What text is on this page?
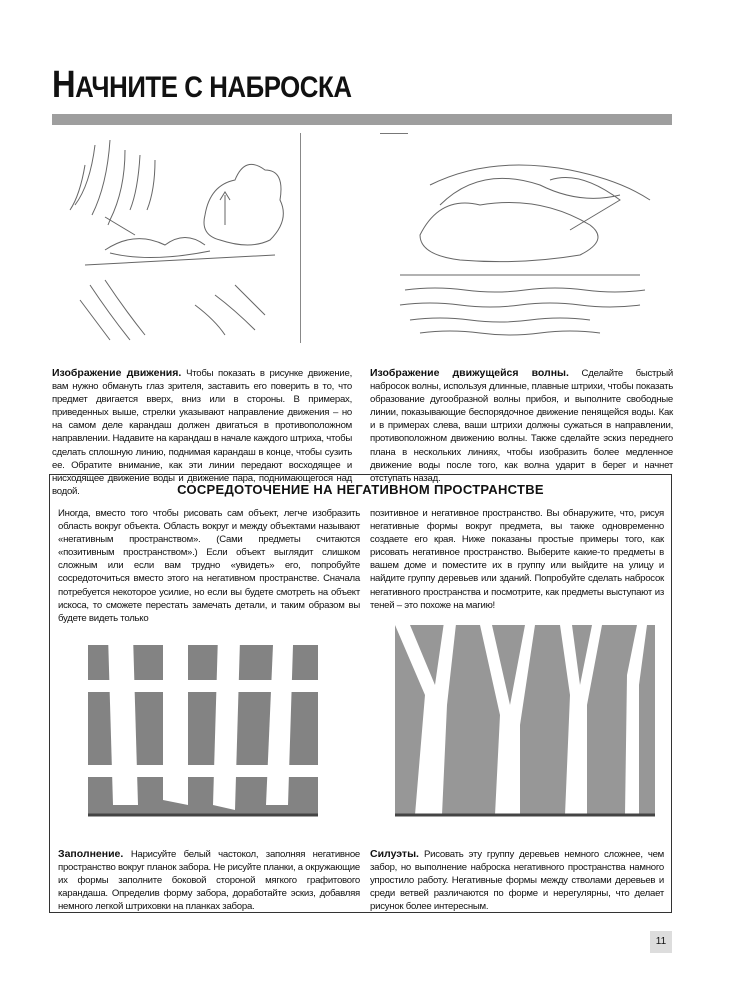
НАЧНИТЕ С НАБРОСКА
Изображение движения. Чтобы показать в рисунке движение, вам нужно обмануть глаз зрителя, заставить его поверить в то, что предмет двигается вверх, вниз или в стороны. В примерах, приведенных выше, стрелки указывают направление движения – но на самом деле карандаш должен двигаться в противоположном направлении. Надавите на карандаш в начале каждого штриха, чтобы сделать сплошную линию, поднимая карандаш в конце, чтобы сузить ее. Обратите внимание, как эти линии передают восходящее и нисходящее движение воды и движение пара, поднимающегося над водой.
Изображение движущейся волны. Сделайте быстрый набросок волны, используя длинные, плавные штрихи, чтобы показать образование дугообразной волны прибоя, и выполните свободные линии, показывающие беспорядочное движение пенящейся воды. Как и в примерах слева, ваши штрихи должны сужаться в направлении, противоположном движению волны. Также сделайте эскиз переднего плана в нескольких линиях, чтобы изобразить более медленное движение воды после того, как волна ударит в берег и начнет отступать назад.
СОСРЕДОТОЧЕНИЕ НА НЕГАТИВНОМ ПРОСТРАНСТВЕ
Иногда, вместо того чтобы рисовать сам объект, легче изобразить область вокруг объекта. Область вокруг и между объектами называют «негативным пространством». (Сами предметы считаются «позитивным пространством».) Если объект выглядит слишком сложным или если вам трудно «увидеть» его, попробуйте сосредоточиться вместо этого на негативном пространстве. Сначала потребуется некоторое усилие, но если вы будете смотреть на объект искоса, то сможете перестать замечать детали, и таким образом вы будете видеть только
позитивное и негативное пространство. Вы обнаружите, что, рисуя негативные формы вокруг предмета, вы также одновременно создаете его края. Ниже показаны простые примеры того, как рисовать негативное пространство. Выберите какие-то предметы в вашем доме и поместите их в группу или выйдите на улицу и найдите группу деревьев или зданий. Попробуйте сделать набросок негативного пространства и посмотрите, как предметы выступают из теней – это похоже на магию!
Заполнение. Нарисуйте белый частокол, заполняя негативное пространство вокруг планок забора. Не рисуйте планки, а окружающие их формы заполните боковой стороной мягкого графитового карандаша. Определив форму забора, доработайте эскиз, добавляя немного легкой штриховки на планках забора.
Силуэты. Рисовать эту группу деревьев немного сложнее, чем забор, но выполнение наброска негативного пространства намного упростило работу. Негативные формы между стволами деревьев и среди ветвей различаются по форме и нерегулярны, что делает рисунок более интересным.
11
